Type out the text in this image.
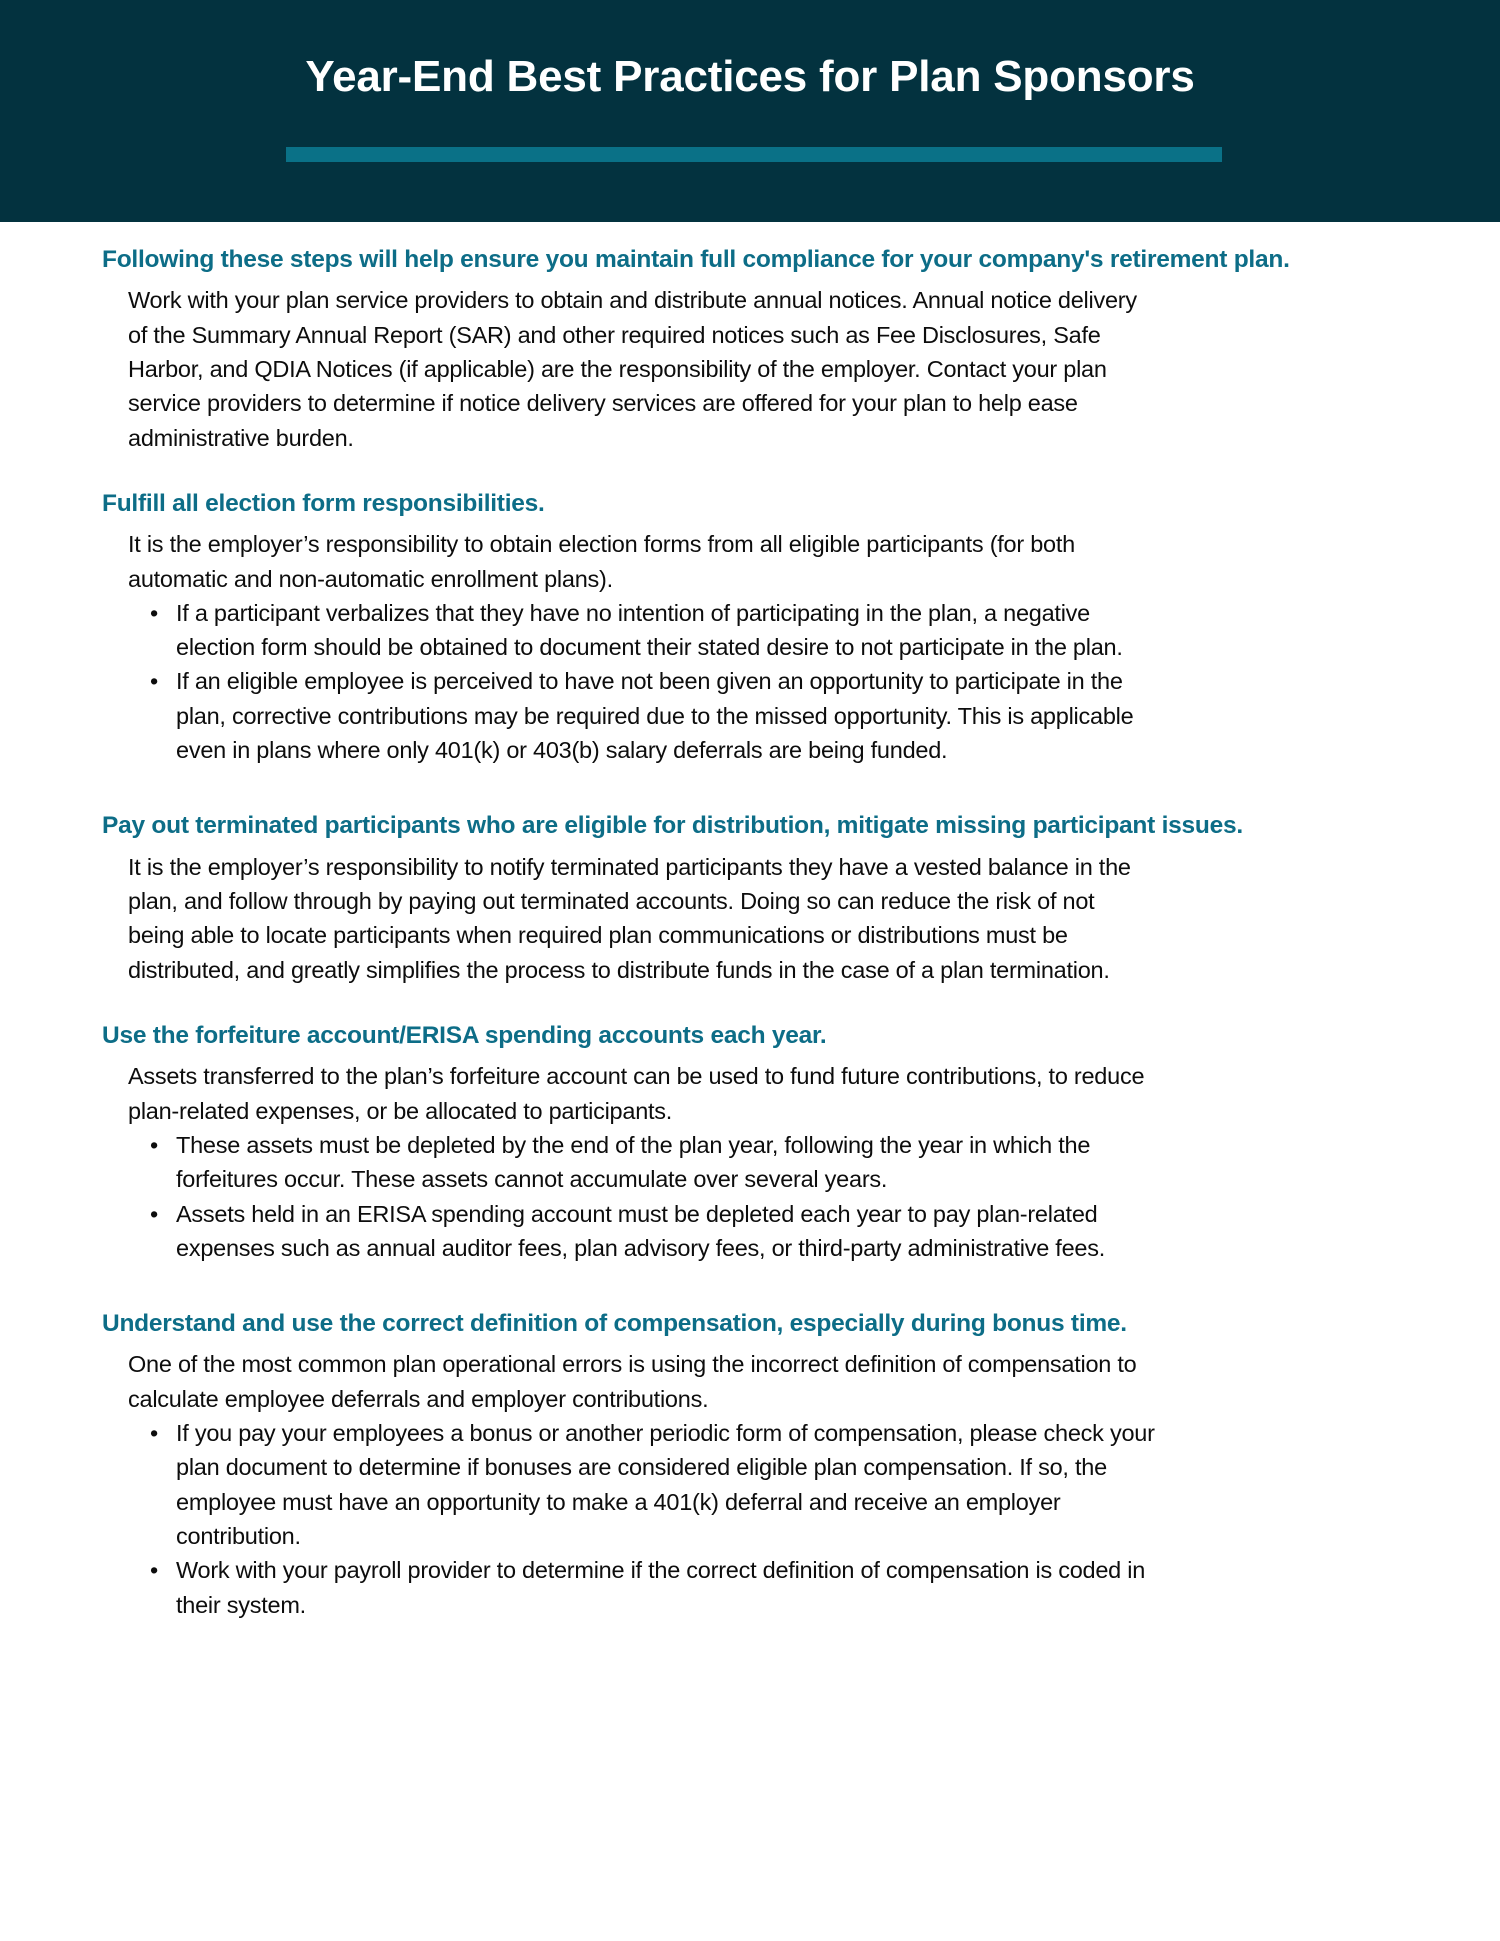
Year-End Best Practices for Plan Sponsors
Following these steps will help ensure you maintain full compliance for your company's retirement plan.
Work with your plan service providers to obtain and distribute annual notices. Annual notice delivery of the Summary Annual Report (SAR) and other required notices such as Fee Disclosures, Safe Harbor, and QDIA Notices (if applicable) are the responsibility of the employer. Contact your plan service providers to determine if notice delivery services are offered for your plan to help ease administrative burden.
Fulfill all election form responsibilities.
It is the employer’s responsibility to obtain election forms from all eligible participants (for both automatic and non-automatic enrollment plans).
• If a participant verbalizes that they have no intention of participating in the plan, a negative election form should be obtained to document their stated desire to not participate in the plan.
• If an eligible employee is perceived to have not been given an opportunity to participate in the plan, corrective contributions may be required due to the missed opportunity. This is applicable even in plans where only 401(k) or 403(b) salary deferrals are being funded.
Pay out terminated participants who are eligible for distribution, mitigate missing participant issues.
It is the employer’s responsibility to notify terminated participants they have a vested balance in the plan, and follow through by paying out terminated accounts. Doing so can reduce the risk of not being able to locate participants when required plan communications or distributions must be distributed, and greatly simplifies the process to distribute funds in the case of a plan termination.
Use the forfeiture account/ERISA spending accounts each year.
Assets transferred to the plan’s forfeiture account can be used to fund future contributions, to reduce plan-related expenses, or be allocated to participants.
• These assets must be depleted by the end of the plan year, following the year in which the forfeitures occur. These assets cannot accumulate over several years.
• Assets held in an ERISA spending account must be depleted each year to pay plan-related expenses such as annual auditor fees, plan advisory fees, or third-party administrative fees.
Understand and use the correct definition of compensation, especially during bonus time.
One of the most common plan operational errors is using the incorrect definition of compensation to calculate employee deferrals and employer contributions.
• If you pay your employees a bonus or another periodic form of compensation, please check your plan document to determine if bonuses are considered eligible plan compensation. If so, the employee must have an opportunity to make a 401(k) deferral and receive an employer contribution.
• Work with your payroll provider to determine if the correct definition of compensation is coded in their system.
